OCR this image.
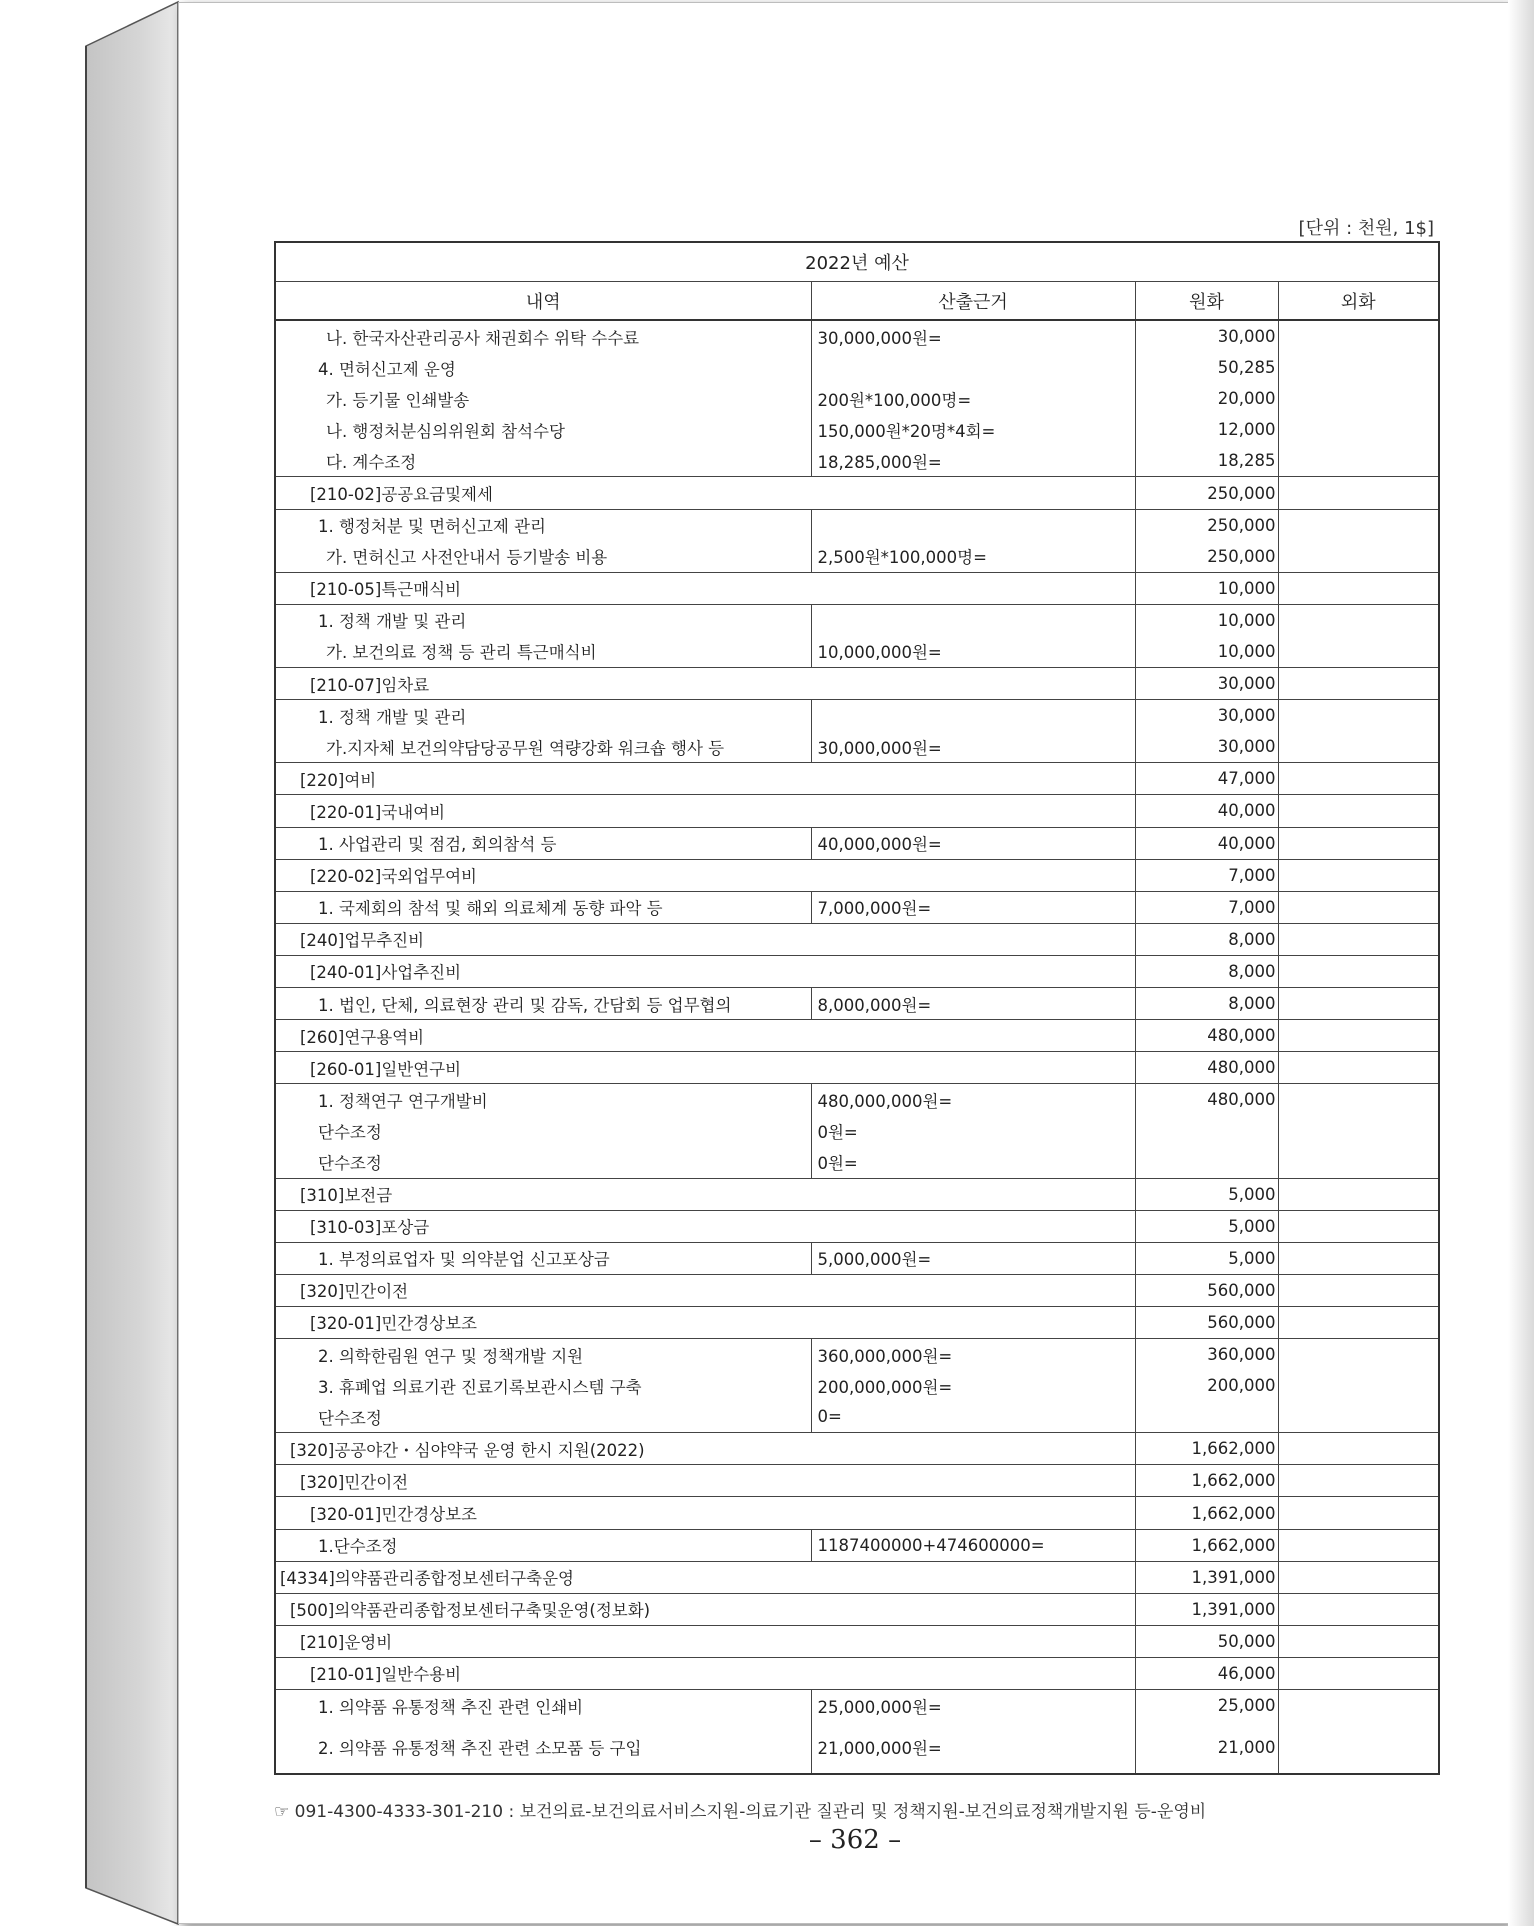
[단위 : 천원, 1$]
2022년 예산			
내역	산출근거	원화	외화
나. 한국자산관리공사 채권회수 위탁 수수료	30,000,000원=	30,000	
4. 면허신고제 운영		50,285	
가. 등기물 인쇄발송	200원*100,000명=	20,000	
나. 행정처분심의위원회 참석수당	150,000원*20명*4회=	12,000	
다. 계수조정	18,285,000원=	18,285	
[210-02]공공요금및제세		250,000	
1. 행정처분 및 면허신고제 관리		250,000	
가. 면허신고 사전안내서 등기발송 비용	2,500원*100,000명=	250,000	
[210-05]특근매식비		10,000	
1. 정책 개발 및 관리		10,000	
가. 보건의료 정책 등 관리 특근매식비	10,000,000원=	10,000	
[210-07]임차료		30,000	
1. 정책 개발 및 관리		30,000	
가.지자체 보건의약담당공무원 역량강화 워크숍 행사 등	30,000,000원=	30,000	
[220]여비		47,000	
[220-01]국내여비		40,000	
1. 사업관리 및 점검, 회의참석 등	40,000,000원=	40,000	
[220-02]국외업무여비		7,000	
1. 국제회의 참석 및 해외 의료체계 동향 파악 등	7,000,000원=	7,000	
[240]업무추진비		8,000	
[240-01]사업추진비		8,000	
1. 법인, 단체, 의료현장 관리 및 감독, 간담회 등 업무협의	8,000,000원=	8,000	
[260]연구용역비		480,000	
[260-01]일반연구비		480,000	
1. 정책연구 연구개발비	480,000,000원=	480,000	
단수조정	0원=		
단수조정	0원=		
[310]보전금		5,000	
[310-03]포상금		5,000	
1. 부정의료업자 및 의약분업 신고포상금	5,000,000원=	5,000	
[320]민간이전		560,000	
[320-01]민간경상보조		560,000	
2. 의학한림원 연구 및 정책개발 지원	360,000,000원=	360,000	
3. 휴폐업 의료기관 진료기록보관시스템 구축	200,000,000원=	200,000	
단수조정	0=		
[320]공공야간・심야약국 운영 한시 지원(2022)		1,662,000	
[320]민간이전		1,662,000	
[320-01]민간경상보조		1,662,000	
1.단수조정	1187400000+474600000=	1,662,000	
[4334]의약품관리종합정보센터구축운영		1,391,000	
[500]의약품관리종합정보센터구축및운영(정보화)		1,391,000	
[210]운영비		50,000	
[210-01]일반수용비		46,000	
1. 의약품 유통정책 추진 관련 인쇄비	25,000,000원=	25,000	
2. 의약품 유통정책 추진 관련 소모품 등 구입	21,000,000원=	21,000	
☞ 091-4300-4333-301-210 : 보건의료-보건의료서비스지원-의료기관 질관리 및 정책지원-보건의료정책개발지원 등-운영비
– 362 –
